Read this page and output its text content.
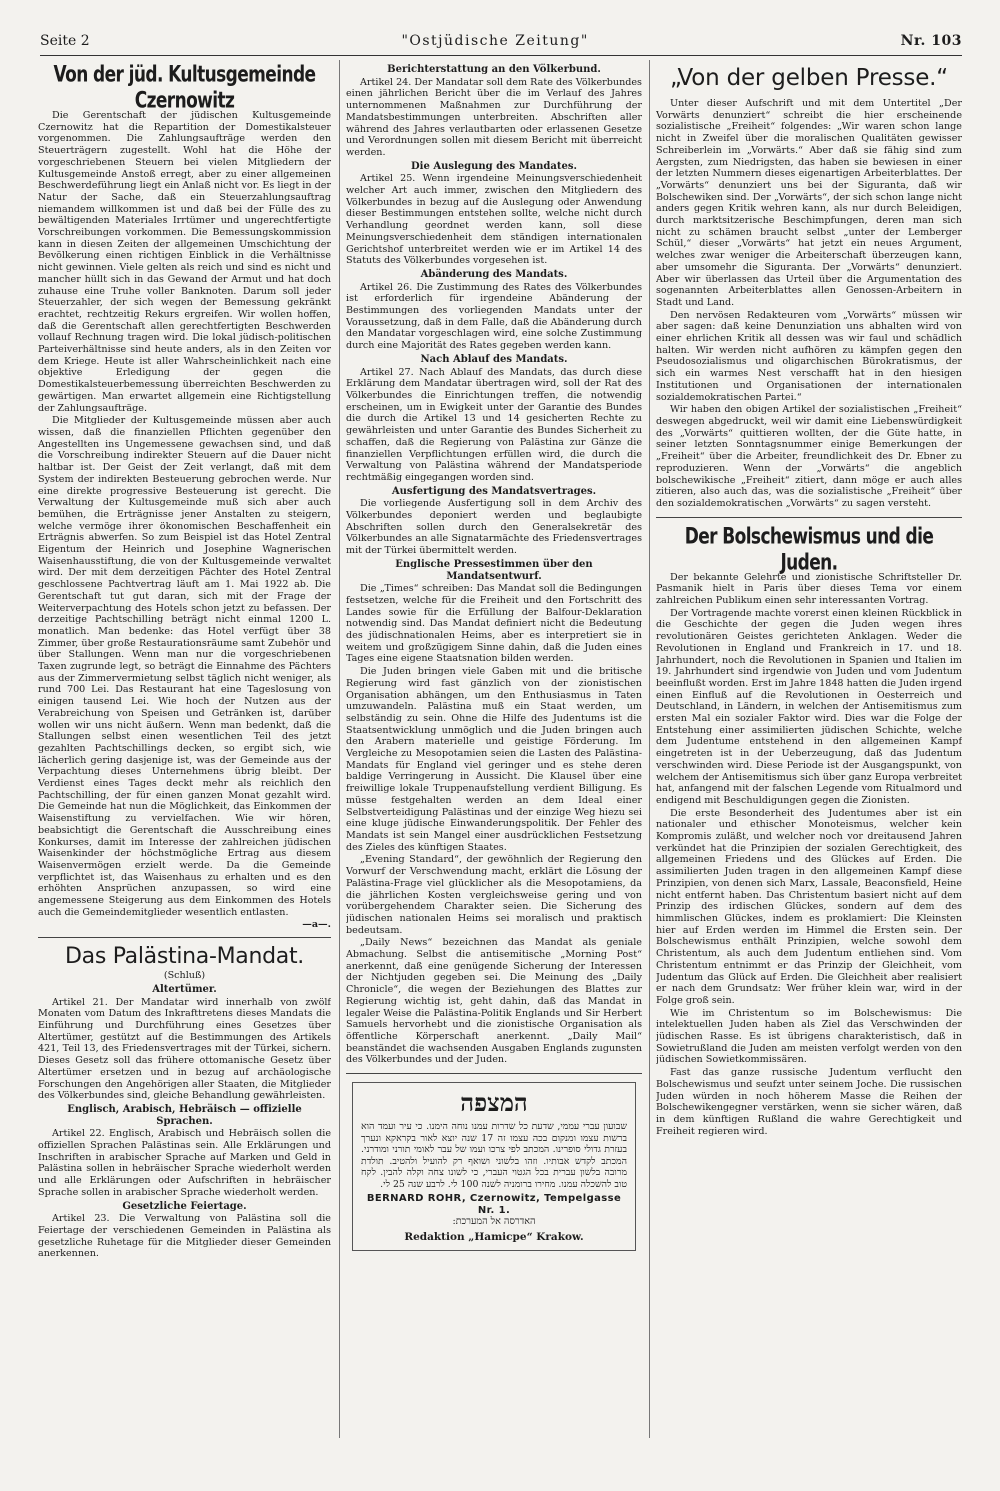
Seite 2	"Ostjüdische Zeitung"	Nr. 103
Von der jüd. Kultusgemeinde Czernowitz

Die Gerentschaft der jüdischen Kultusgemeinde Czernowitz hat die Repartition der Domestikalsteuer vorgenommen. Die Zahlungsaufträge werden den Steuerträgern zugestellt. Wohl hat die Höhe der vorgeschriebenen Steuern bei vielen Mitgliedern der Kultusgemeinde Anstoß erregt, aber zu einer allgemeinen Beschwerdeführung liegt ein Anlaß nicht vor. Es liegt in der Natur der Sache, daß ein Steuerzahlungsauftrag niemandem willkommen ist und daß bei der Fülle des zu bewältigenden Materiales Irrtümer und ungerechtfertigte Vorschreibungen vorkommen. Die Bemessungskommission kann in diesen Zeiten der allgemeinen Umschichtung der Bevölkerung einen richtigen Einblick in die Verhältnisse nicht gewinnen. Viele gelten als reich und sind es nicht und mancher hüllt sich in das Gewand der Armut und hat doch zuhause eine Truhe voller Banknoten. Darum soll jeder Steuerzahler, der sich wegen der Bemessung gekränkt erachtet, rechtzeitig Rekurs ergreifen. Wir wollen hoffen, daß die Gerentschaft allen gerechtfertigten Beschwerden vollauf Rechnung tragen wird. Die lokal jüdisch-politischen Parteiverhältnisse sind heute anders, als in den Zeiten vor dem Kriege. Heute ist aller Wahrscheinlichkeit nach eine objektive Erledigung der gegen die Domestikalsteuerbemessung überreichten Beschwerden zu gewärtigen. Man erwartet allgemein eine Richtigstellung der Zahlungsaufträge.

Die Mitglieder der Kultusgemeinde müssen aber auch wissen, daß die finanziellen Pflichten gegenüber den Angestellten ins Ungemessene gewachsen sind, und daß die Vorschreibung indirekter Steuern auf die Dauer nicht haltbar ist. Der Geist der Zeit verlangt, daß mit dem System der indirekten Besteuerung gebrochen werde. Nur eine direkte progressive Besteuerung ist gerecht. Die Verwaltung der Kultusgemeinde muß sich aber auch bemühen, die Erträgnisse jener Anstalten zu steigern, welche vermöge ihrer ökonomischen Beschaffenheit ein Erträgnis abwerfen. So zum Beispiel ist das Hotel Zentral Eigentum der Heinrich und Josephine Wagnerischen Waisenhausstiftung, die von der Kultusgemeinde verwaltet wird. Der mit dem derzeitigen Pächter des Hotel Zentral geschlossene Pachtvertrag läuft am 1. Mai 1922 ab. Die Gerentschaft tut gut daran, sich mit der Frage der Weiterverpachtung des Hotels schon jetzt zu befassen. Der derzeitige Pachtschilling beträgt nicht einmal 1200 L. monatlich. Man bedenke: das Hotel verfügt über 38 Zimmer, über große Restaurationsräume samt Zubehör und über Stallungen. Wenn man nur die vorgeschriebenen Taxen zugrunde legt, so beträgt die Einnahme des Pächters aus der Zimmervermietung selbst täglich nicht weniger, als rund 700 Lei. Das Restaurant hat eine Tageslosung von einigen tausend Lei. Wie hoch der Nutzen aus der Verabreichung von Speisen und Getränken ist, darüber wollen wir uns nicht äußern. Wenn man bedenkt, daß die Stallungen selbst einen wesentlichen Teil des jetzt gezahlten Pachtschillings decken, so ergibt sich, wie lächerlich gering dasjenige ist, was der Gemeinde aus der Verpachtung dieses Unternehmens übrig bleibt. Der Verdienst eines Tages deckt mehr als reichlich den Pachtschilling, der für einen ganzen Monat gezahlt wird. Die Gemeinde hat nun die Möglichkeit, das Einkommen der Waisenstiftung zu vervielfachen. Wie wir hören, beabsichtigt die Gerentschaft die Ausschreibung eines Konkurses, damit im Interesse der zahlreichen jüdischen Waisenkinder der höchstmögliche Ertrag aus diesem Waisenvermögen erzielt werde. Da die Gemeinde verpflichtet ist, das Waisenhaus zu erhalten und es den erhöhten Ansprüchen anzupassen, so wird eine angemessene Steigerung aus dem Einkommen des Hotels auch die Gemeindemitglieder wesentlich entlasten.

—a—.
Das Palästina-Mandat.
(Schluß)
Altertümer.

Artikel 21. Der Mandatar wird innerhalb von zwölf Monaten vom Datum des Inkrafttretens dieses Mandats die Einführung und Durchführung eines Gesetzes über Altertümer, gestützt auf die Bestimmungen des Artikels 421, Teil 13, des Friedensvertrages mit der Türkei, sichern. Dieses Gesetz soll das frühere ottomanische Gesetz über Altertümer ersetzen und in bezug auf archäologische Forschungen den Angehörigen aller Staaten, die Mitglieder des Völkerbundes sind, gleiche Behandlung gewährleisten.

Englisch, Arabisch, Hebräisch — offizielle Sprachen.

Artikel 22. Englisch, Arabisch und Hebräisch sollen die offiziellen Sprachen Palästinas sein. Alle Erklärungen und Inschriften in arabischer Sprache auf Marken und Geld in Palästina sollen in hebräischer Sprache wiederholt werden und alle Erklärungen oder Aufschriften in hebräischer Sprache sollen in arabischer Sprache wiederholt werden.

Gesetzliche Feiertage.

Artikel 23. Die Verwaltung von Palästina soll die Feiertage der verschiedenen Gemeinden in Palästina als gesetzliche Ruhetage für die Mitglieder dieser Gemeinden anerkennen.

Berichterstattung an den Völkerbund.

Artikel 24. Der Mandatar soll dem Rate des Völkerbundes einen jährlichen Bericht über die im Verlauf des Jahres unternommenen Maßnahmen zur Durchführung der Mandatsbestimmungen unterbreiten. Abschriften aller während des Jahres verlautbarten oder erlassenen Gesetze und Verordnungen sollen mit diesem Bericht mit überreicht werden.

Die Auslegung des Mandates.

Artikel 25. Wenn irgendeine Meinungsverschiedenheit welcher Art auch immer, zwischen den Mitgliedern des Völkerbundes in bezug auf die Auslegung oder Anwendung dieser Bestimmungen entstehen sollte, welche nicht durch Verhandlung geordnet werden kann, soll diese Meinungsverschiedenheit dem ständigen internationalen Gerichtshof unterbreitet werden wie er im Artikel 14 des Statuts des Völkerbundes vorgesehen ist.

Abänderung des Mandats.

Artikel 26. Die Zustimmung des Rates des Völkerbundes ist erforderlich für irgendeine Abänderung der Bestimmungen des vorliegenden Mandats unter der Voraussetzung, daß in dem Falle, daß die Abänderung durch den Mandatar vorgeschlagen wird, eine solche Zustimmung durch eine Majorität des Rates gegeben werden kann.

Nach Ablauf des Mandats.

Artikel 27. Nach Ablauf des Mandats, das durch diese Erklärung dem Mandatar übertragen wird, soll der Rat des Völkerbundes die Einrichtungen treffen, die notwendig erscheinen, um in Ewigkeit unter der Garantie des Bundes die durch die Artikel 13 und 14 gesicherten Rechte zu gewährleisten und unter Garantie des Bundes Sicherheit zu schaffen, daß die Regierung von Palästina zur Gänze die finanziellen Verpflichtungen erfüllen wird, die durch die Verwaltung von Palästina während der Mandatsperiode rechtmäßig eingegangen worden sind.

Ausfertigung des Mandatsvertrages.

Die vorliegende Ausfertigung soll in dem Archiv des Völkerbundes deponiert werden und beglaubigte Abschriften sollen durch den Generalsekretär des Völkerbundes an alle Signatarmächte des Friedensvertrages mit der Türkei übermittelt werden.

Englische Pressestimmen über den Mandatsentwurf.

Die „Times“ schreiben: Das Mandat soll die Bedingungen festsetzen, welche für die Freiheit und den Fortschritt des Landes sowie für die Erfüllung der Balfour-Deklaration notwendig sind. Das Mandat definiert nicht die Bedeutung des jüdischnationalen Heims, aber es interpretiert sie in weitem und großzügigem Sinne dahin, daß die Juden eines Tages eine eigene Staatsnation bilden werden.

Die Juden bringen viele Gaben mit und die britische Regierung wird fast gänzlich von der zionistischen Organisation abhängen, um den Enthusiasmus in Taten umzuwandeln. Palästina muß ein Staat werden, um selbständig zu sein. Ohne die Hilfe des Judentums ist die Staatsentwicklung unmöglich und die Juden bringen auch den Arabern materielle und geistige Förderung. Im Vergleiche zu Mesopotamien seien die Lasten des Palästina-Mandats für England viel geringer und es stehe deren baldige Verringerung in Aussicht. Die Klausel über eine freiwillige lokale Truppenaufstellung verdient Billigung. Es müsse festgehalten werden an dem Ideal einer Selbstverteidigung Palästinas und der einzige Weg hiezu sei eine kluge jüdische Einwanderungspolitik. Der Fehler des Mandats ist sein Mangel einer ausdrücklichen Festsetzung des Zieles des künftigen Staates.

„Evening Standard“, der gewöhnlich der Regierung den Vorwurf der Verschwendung macht, erklärt die Lösung der Palästina-Frage viel glücklicher als die Mesopotamiens, da die jährlichen Kosten vergleichsweise gering und von vorübergehendem Charakter seien. Die Sicherung des jüdischen nationalen Heims sei moralisch und praktisch bedeutsam.

„Daily News“ bezeichnen das Mandat als geniale Abmachung. Selbst die antisemitische „Morning Post“ anerkennt, daß eine genügende Sicherung der Interessen der Nichtjuden gegeben sei. Die Meinung des „Daily Chronicle“, die wegen der Beziehungen des Blattes zur Regierung wichtig ist, geht dahin, daß das Mandat in legaler Weise die Palästina-Politik Englands und Sir Herbert Samuels hervorhebt und die zionistische Organisation als öffentliche Körperschaft anerkennt. „Daily Mail“ beanständet die wachsenden Ausgaben Englands zugunsten des Völkerbundes und der Juden.

המצפה

שבועון עברי עממי, שדעת כל שדרות עמנו נוחה הימנו. כי עיר ועמד הוא ברשות עצמו ומנקום בכה עצמו זה 17 שנה יוצא לאור בקראקא ונערך בעזרת גדולי סופרינו. המכתב לפי צרכו ועמו של עבר לאומי תורני ומודרני. המכתב לקדש אבותיו. וזהו בלשוני ושואף רק להועיל ולהטיב. תולדת מרובה בלשון עברית בכל הגטוי העברי, כי לשונו צחה וקלה להבין. לקח טוב להשכלה עמנו. מחירו ברומניה לשנה 100 לי. לרבע שנה 25 לי.

BERNARD ROHR, Czernowitz, Tempelgasse Nr. 1.
האדרסה אל המערכת:
Redaktion „Hamicpe“ Krakow.
„Von der gelben Presse.“

Unter dieser Aufschrift und mit dem Untertitel „Der Vorwärts denunziert“ schreibt die hier erscheinende sozialistische „Freiheit“ folgendes: „Wir waren schon lange nicht in Zweifel über die moralischen Qualitäten gewisser Schreiberlein im „Vorwärts.“ Aber daß sie fähig sind zum Aergsten, zum Niedrigsten, das haben sie bewiesen in einer der letzten Nummern dieses eigenartigen Arbeiterblattes. Der „Vorwärts“ denunziert uns bei der Siguranta, daß wir Bolschewiken sind. Der „Vorwärts“, der sich schon lange nicht anders gegen Kritik wehren kann, als nur durch Beleidigen, durch marktsitzerische Beschimpfungen, deren man sich nicht zu schämen braucht selbst „unter der Lemberger Schül,“ dieser „Vorwärts“ hat jetzt ein neues Argument, welches zwar weniger die Arbeiterschaft überzeugen kann, aber umsomehr die Siguranta. Der „Vorwärts“ denunziert. Aber wir überlassen das Urteil über die Argumentation des sogenannten Arbeiterblattes allen Genossen-Arbeitern in Stadt und Land.

Den nervösen Redakteuren vom „Vorwärts“ müssen wir aber sagen: daß keine Denunziation uns abhalten wird von einer ehrlichen Kritik all dessen was wir faul und schädlich halten. Wir werden nicht aufhören zu kämpfen gegen den Pseudosozialismus und oligarchischen Bürokratismus, der sich ein warmes Nest verschafft hat in den hiesigen Institutionen und Organisationen der internationalen sozialdemokratischen Partei.“

Wir haben den obigen Artikel der sozialistischen „Freiheit“ deswegen abgedruckt, weil wir damit eine Liebenswürdigkeit des „Vorwärts“ quittieren wollten, der die Güte hatte, in seiner letzten Sonntagsnummer einige Bemerkungen der „Freiheit“ über die Arbeiter, freundlichkeit des Dr. Ebner zu reproduzieren. Wenn der „Vorwärts“ die angeblich bolschewikische „Freiheit“ zitiert, dann möge er auch alles zitieren, also auch das, was die sozialistische „Freiheit“ über den sozialdemokratischen „Vorwärts“ zu sagen versteht.

Der Bolschewismus und die Juden.

Der bekannte Gelehrte und zionistische Schriftsteller Dr. Pasmanik hielt in Paris über dieses Tema vor einem zahlreichen Publikum einen sehr interessanten Vortrag.

Der Vortragende machte vorerst einen kleinen Rückblick in die Geschichte der gegen die Juden wegen ihres revolutionären Geistes gerichteten Anklagen. Weder die Revolutionen in England und Frankreich in 17. und 18. Jahrhundert, noch die Revolutionen in Spanien und Italien im 19. Jahrhundert sind irgendwie von Juden und vom Judentum beeinflußt worden. Erst im Jahre 1848 hatten die Juden irgend einen Einfluß auf die Revolutionen in Oesterreich und Deutschland, in Ländern, in welchen der Antisemitismus zum ersten Mal ein sozialer Faktor wird. Dies war die Folge der Entstehung einer assimilierten jüdischen Schichte, welche dem Judentume entstehend in den allgemeinen Kampf eingetreten ist in der Ueberzeugung, daß das Judentum verschwinden wird. Diese Periode ist der Ausgangspunkt, von welchem der Antisemitismus sich über ganz Europa verbreitet hat, anfangend mit der falschen Legende vom Ritualmord und endigend mit Beschuldigungen gegen die Zionisten.

Die erste Besonderheit des Judentumes aber ist ein nationaler und ethischer Monoteismus, welcher kein Kompromis zuläßt, und welcher noch vor dreitausend Jahren verkündet hat die Prinzipien der sozialen Gerechtigkeit, des allgemeinen Friedens und des Glückes auf Erden. Die assimilierten Juden tragen in den allgemeinen Kampf diese Prinzipien, von denen sich Marx, Lassale, Beaconsfield, Heine nicht entfernt haben. Das Christentum basiert nicht auf dem Prinzip des irdischen Glückes, sondern auf dem des himmlischen Glückes, indem es proklamiert: Die Kleinsten hier auf Erden werden im Himmel die Ersten sein. Der Bolschewismus enthält Prinzipien, welche sowohl dem Christentum, als auch dem Judentum entliehen sind. Vom Christentum entnimmt er das Prinzip der Gleichheit, vom Judentum das Glück auf Erden. Die Gleichheit aber realisiert er nach dem Grundsatz: Wer früher klein war, wird in der Folge groß sein.

Wie im Christentum so im Bolschewismus: Die intelektuellen Juden haben als Ziel das Verschwinden der jüdischen Rasse. Es ist übrigens charakteristisch, daß in Sowietrußland die Juden am meisten verfolgt werden von den jüdischen Sowietkommissären.

Fast das ganze russische Judentum verflucht den Bolschewismus und seufzt unter seinem Joche. Die russischen Juden würden in noch höherem Masse die Reihen der Bolschewikengegner verstärken, wenn sie sicher wären, daß in dem künftigen Rußland die wahre Gerechtigkeit und Freiheit regieren wird.
